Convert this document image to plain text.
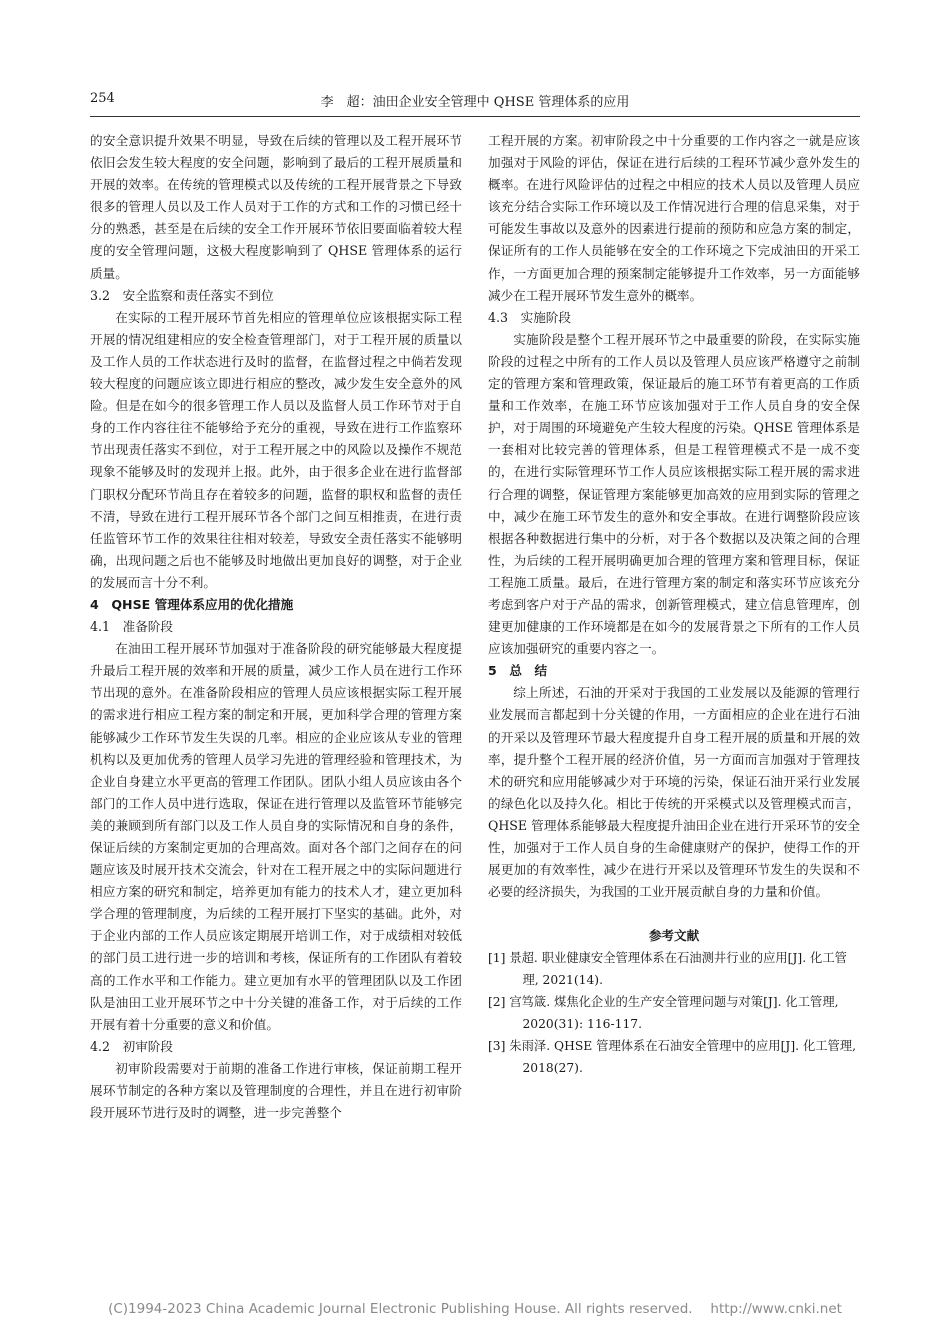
254	李　超：油田企业安全管理中 QHSE 管理体系的应用

的安全意识提升效果不明显，导致在后续的管理以及工程开展环节依旧会发生较大程度的安全问题，影响到了最后的工程开展质量和开展的效率。在传统的管理模式以及传统的工程开展背景之下导致很多的管理人员以及工作人员对于工作的方式和工作的习惯已经十分的熟悉，甚至是在后续的安全工作开展环节依旧要面临着较大程度的安全管理问题，这极大程度影响到了 QHSE 管理体系的运行质量。

3.2　安全监察和责任落实不到位

在实际的工程开展环节首先相应的管理单位应该根据实际工程开展的情况组建相应的安全检查管理部门，对于工程开展的质量以及工作人员的工作状态进行及时的监督，在监督过程之中倘若发现较大程度的问题应该立即进行相应的整改，减少发生安全意外的风险。但是在如今的很多管理工作人员以及监督人员工作环节对于自身的工作内容往往不能够给予充分的重视，导致在进行工作监察环节出现责任落实不到位，对于工程开展之中的风险以及操作不规范现象不能够及时的发现并上报。此外，由于很多企业在进行监督部门职权分配环节尚且存在着较多的问题，监督的职权和监督的责任不清，导致在进行工程开展环节各个部门之间互相推责，在进行责任监管环节工作的效果往往相对较差，导致安全责任落实不能够明确，出现问题之后也不能够及时地做出更加良好的调整，对于企业的发展而言十分不利。

4　QHSE 管理体系应用的优化措施

4.1　准备阶段

在油田工程开展环节加强对于准备阶段的研究能够最大程度提升最后工程开展的效率和开展的质量，减少工作人员在进行工作环节出现的意外。在准备阶段相应的管理人员应该根据实际工程开展的需求进行相应工程方案的制定和开展，更加科学合理的管理方案能够减少工作环节发生失误的几率。相应的企业应该从专业的管理机构以及更加优秀的管理人员学习先进的管理经验和管理技术，为企业自身建立水平更高的管理工作团队。团队小组人员应该由各个部门的工作人员中进行选取，保证在进行管理以及监管环节能够完美的兼顾到所有部门以及工作人员自身的实际情况和自身的条件，保证后续的方案制定更加的合理高效。面对各个部门之间存在的问题应该及时展开技术交流会，针对在工程开展之中的实际问题进行相应方案的研究和制定，培养更加有能力的技术人才，建立更加科学合理的管理制度，为后续的工程开展打下坚实的基础。此外，对于企业内部的工作人员应该定期展开培训工作，对于成绩相对较低的部门员工进行进一步的培训和考核，保证所有的工作团队有着较高的工作水平和工作能力。建立更加有水平的管理团队以及工作团队是油田工业开展环节之中十分关键的准备工作，对于后续的工作开展有着十分重要的意义和价值。

4.2　初审阶段

初审阶段需要对于前期的准备工作进行审核，保证前期工程开展环节制定的各种方案以及管理制度的合理性，并且在进行初审阶段开展环节进行及时的调整，进一步完善整个

工程开展的方案。初审阶段之中十分重要的工作内容之一就是应该加强对于风险的评估，保证在进行后续的工程环节减少意外发生的概率。在进行风险评估的过程之中相应的技术人员以及管理人员应该充分结合实际工作环境以及工作情况进行合理的信息采集，对于可能发生事故以及意外的因素进行提前的预防和应急方案的制定，保证所有的工作人员能够在安全的工作环境之下完成油田的开采工作，一方面更加合理的预案制定能够提升工作效率，另一方面能够减少在工程开展环节发生意外的概率。

4.3　实施阶段

实施阶段是整个工程开展环节之中最重要的阶段，在实际实施阶段的过程之中所有的工作人员以及管理人员应该严格遵守之前制定的管理方案和管理政策，保证最后的施工环节有着更高的工作质量和工作效率，在施工环节应该加强对于工作人员自身的安全保护，对于周围的环境避免产生较大程度的污染。QHSE 管理体系是一套相对比较完善的管理体系，但是工程管理模式不是一成不变的，在进行实际管理环节工作人员应该根据实际工程开展的需求进行合理的调整，保证管理方案能够更加高效的应用到实际的管理之中，减少在施工环节发生的意外和安全事故。在进行调整阶段应该根据各种数据进行集中的分析，对于各个数据以及决策之间的合理性，为后续的工程开展明确更加合理的管理方案和管理目标，保证工程施工质量。最后，在进行管理方案的制定和落实环节应该充分考虑到客户对于产品的需求，创新管理模式，建立信息管理库，创建更加健康的工作环境都是在如今的发展背景之下所有的工作人员应该加强研究的重要内容之一。

5　总　结

综上所述，石油的开采对于我国的工业发展以及能源的管理行业发展而言都起到十分关键的作用，一方面相应的企业在进行石油的开采以及管理环节最大程度提升自身工程开展的质量和开展的效率，提升整个工程开展的经济价值，另一方面而言加强对于管理技术的研究和应用能够减少对于环境的污染，保证石油开采行业发展的绿色化以及持久化。相比于传统的开采模式以及管理模式而言，QHSE 管理体系能够最大程度提升油田企业在进行开采环节的安全性，加强对于工作人员自身的生命健康财产的保护，使得工作的开展更加的有效率性，减少在进行开采以及管理环节发生的失误和不必要的经济损失，为我国的工业开展贡献自身的力量和价值。

参考文献

[1] 景超. 职业健康安全管理体系在石油测井行业的应用[J]. 化工管理, 2021(14).

[2] 宫笃箴. 煤焦化企业的生产安全管理问题与对策[J]. 化工管理, 2020(31): 116-117.

[3] 朱雨泽. QHSE 管理体系在石油安全管理中的应用[J]. 化工管理, 2018(27).

(C)1994-2023 China Academic Journal Electronic Publishing House. All rights reserved.　 http://www.cnki.net
